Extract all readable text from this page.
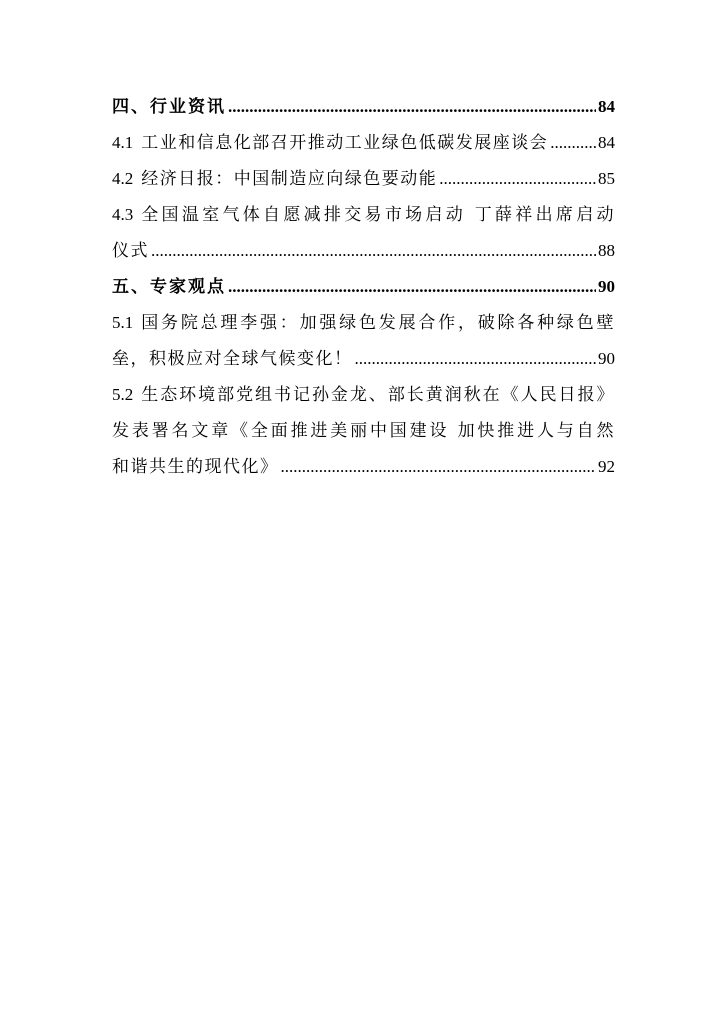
四、行业资讯 .....	84
4.1 工业和信息化部召开推动工业绿色低碳发展座谈会 .....	84
4.2 经济日报：中国制造应向绿色要动能 .....	85
4.3 全国温室气体自愿减排交易市场启动 丁薛祥出席启动
仪式 .....	88
五、专家观点 .....	90
5.1 国务院总理李强：加强绿色发展合作，破除各种绿色壁
垒，积极应对全球气候变化！ .....	90
5.2 生态环境部党组书记孙金龙、部长黄润秋在《人民日报》
发表署名文章《全面推进美丽中国建设 加快推进人与自然
和谐共生的现代化》 .....	92
